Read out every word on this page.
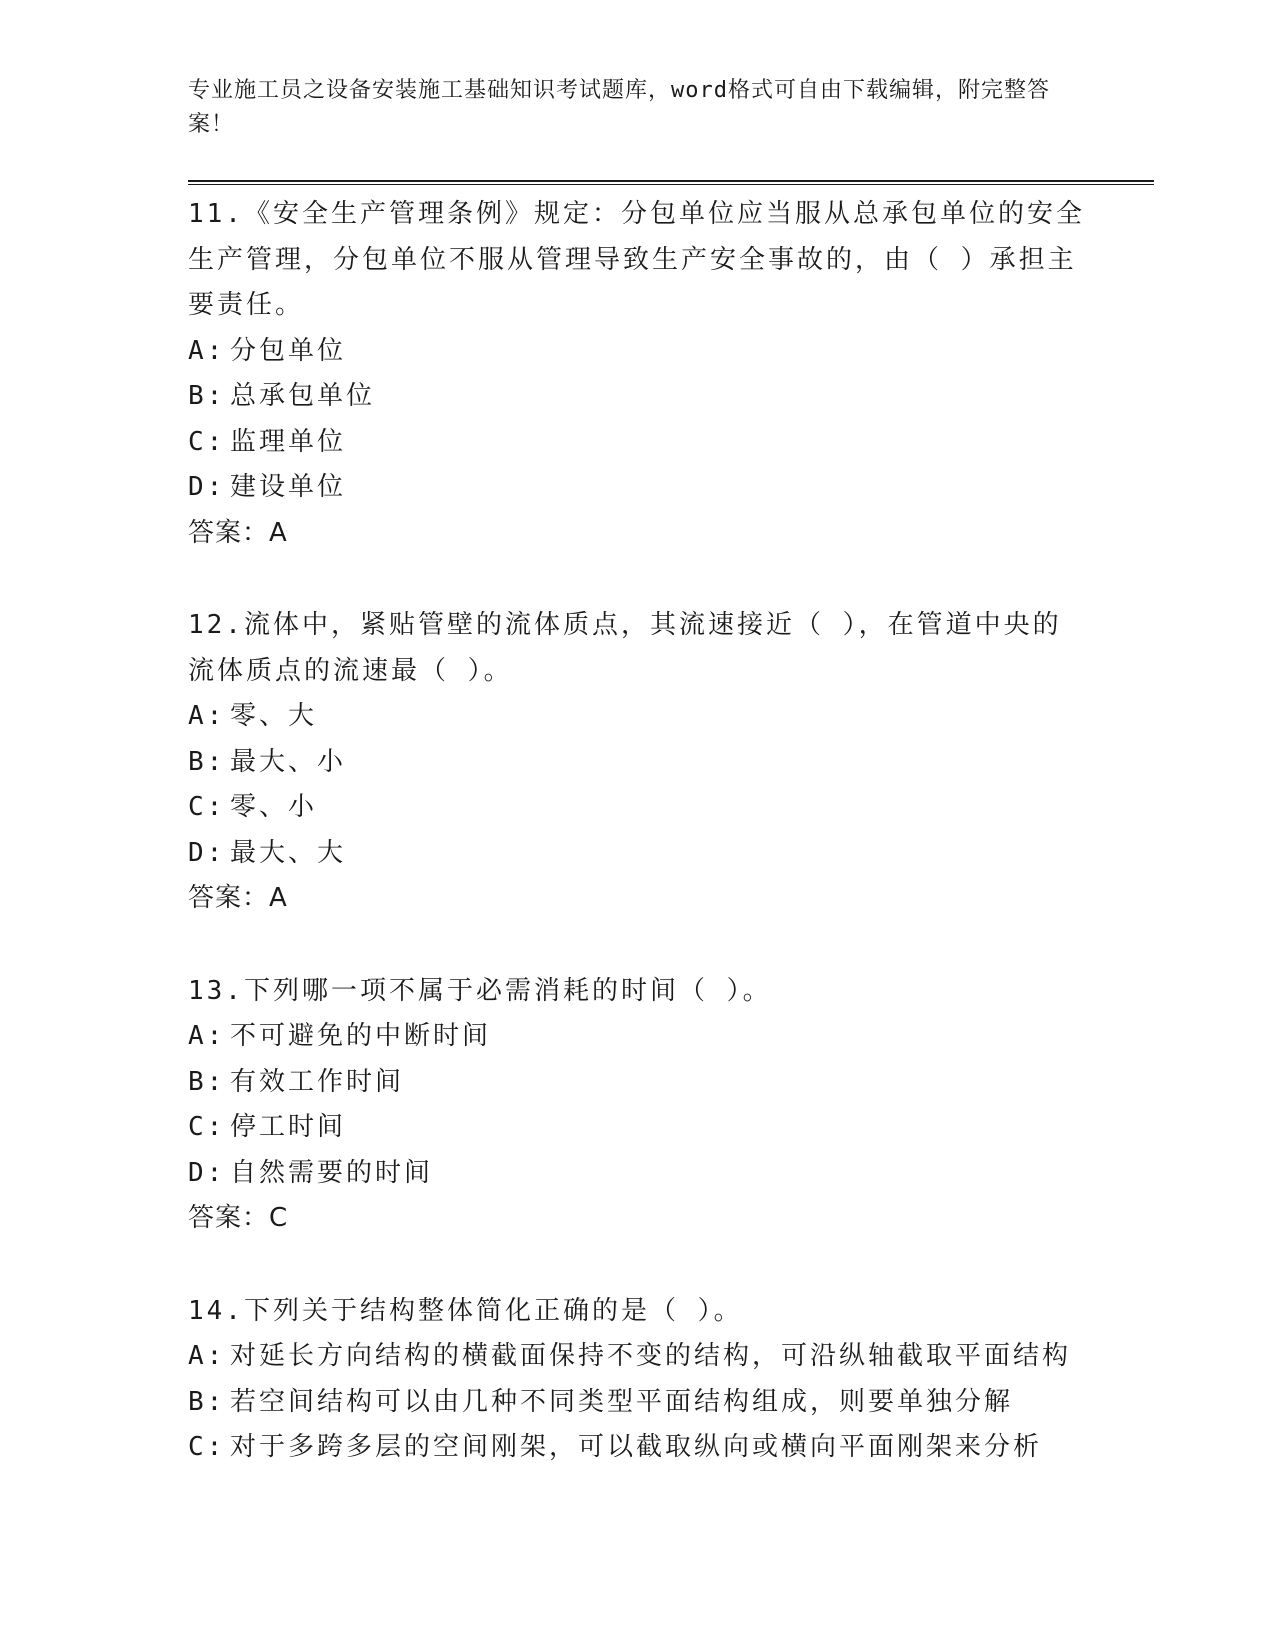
专业施工员之设备安装施工基础知识考试题库，word格式可自由下载编辑，附完整答案！

11.《安全生产管理条例》规定：分包单位应当服从总承包单位的安全生产管理，分包单位不服从管理导致生产安全事故的，由（ ）承担主要责任。

A: 分包单位
B: 总承包单位
C: 监理单位
D: 建设单位
答案：A

12.流体中，紧贴管壁的流体质点，其流速接近（ ），在管道中央的流体质点的流速最（ ）。

A: 零、大
B: 最大、小
C: 零、小
D: 最大、大
答案：A

13.下列哪一项不属于必需消耗的时间（ ）。

A: 不可避免的中断时间
B: 有效工作时间
C: 停工时间
D: 自然需要的时间
答案：C

14.下列关于结构整体简化正确的是（ ）。

A: 对延长方向结构的横截面保持不变的结构，可沿纵轴截取平面结构
B: 若空间结构可以由几种不同类型平面结构组成，则要单独分解
C: 对于多跨多层的空间刚架，可以截取纵向或横向平面刚架来分析
